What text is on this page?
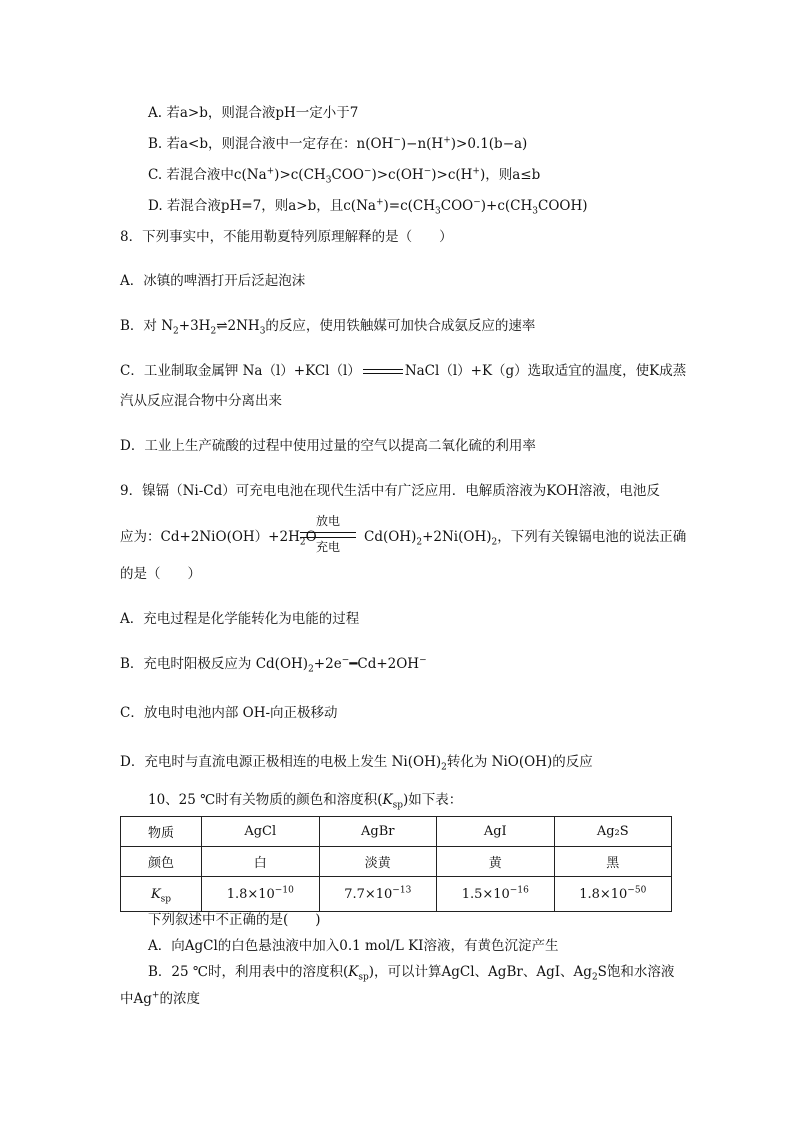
A. 若a>b，则混合液pH一定小于7
B. 若a<b，则混合液中一定存在：n(OH−)−n(H+)>0.1(b−a)
C. 若混合液中$c(Na^+)>c(CH_3COO^-)>c(OH^-)>c(H^+)$，则a≤b
D. 若混合液pH=7，则a>b，且$c(Na^+)=c(CH_3COO^-)+c(CH_3COOH)$
8．下列事实中，不能用勒夏特列原理解释的是（　　）
A．冰镇的啤酒打开后泛起泡沫
B．对 $N_2+3H_2\rightleftharpoons 2NH_3$的反应，使用铁触媒可加快合成氨反应的速率
C．工业制取金属钾 Na（l）+KCl（l）	NaCl（l）+K（g）选取适宜的温度，使K成蒸
汽从反应混合物中分离出来
D．工业上生产硫酸的过程中使用过量的空气以提高二氧化硫的利用率
9．镍镉（Ni-Cd）可充电电池在现代生活中有广泛应用．电解质溶液为KOH溶液，电池反
应为：$Cd+2NiO(OH)+2H_2O$
放电
充电
$Cd(OH)_2+2Ni(OH)_2$，下列有关镍镉电池的说法正确
的是（　　）
A．充电过程是化学能转化为电能的过程
B．充电时阳极反应为 $Cd(OH)_2+2e^-━Cd+2OH^-$
C．放电时电池内部 OH-向正极移动
D．充电时与直流电源正极相连的电极上发生 $Ni(OH)_2$转化为 NiO(OH)的反应
10、25 ℃时有关物质的颜色和溶度积$(K_{sp})$如下表：
物质	AgCl	AgBr	AgI	Ag₂S
颜色	白	淡黄	黄	黑
$K_{sp}$	$1.8\times 10^{-10}$	$7.7\times 10^{-13}$	$1.5\times 10^{-16}$	$1.8\times 10^{-50}$
下列叙述中不正确的是(　　)
A．向AgCl的白色悬浊液中加入0.1 mol/L KI溶液，有黄色沉淀产生
B．25 ℃时，利用表中的溶度积$(K_{sp})$，可以计算AgCl、AgBr、AgI、$Ag_2S$饱和水溶液
中Ag+的浓度
